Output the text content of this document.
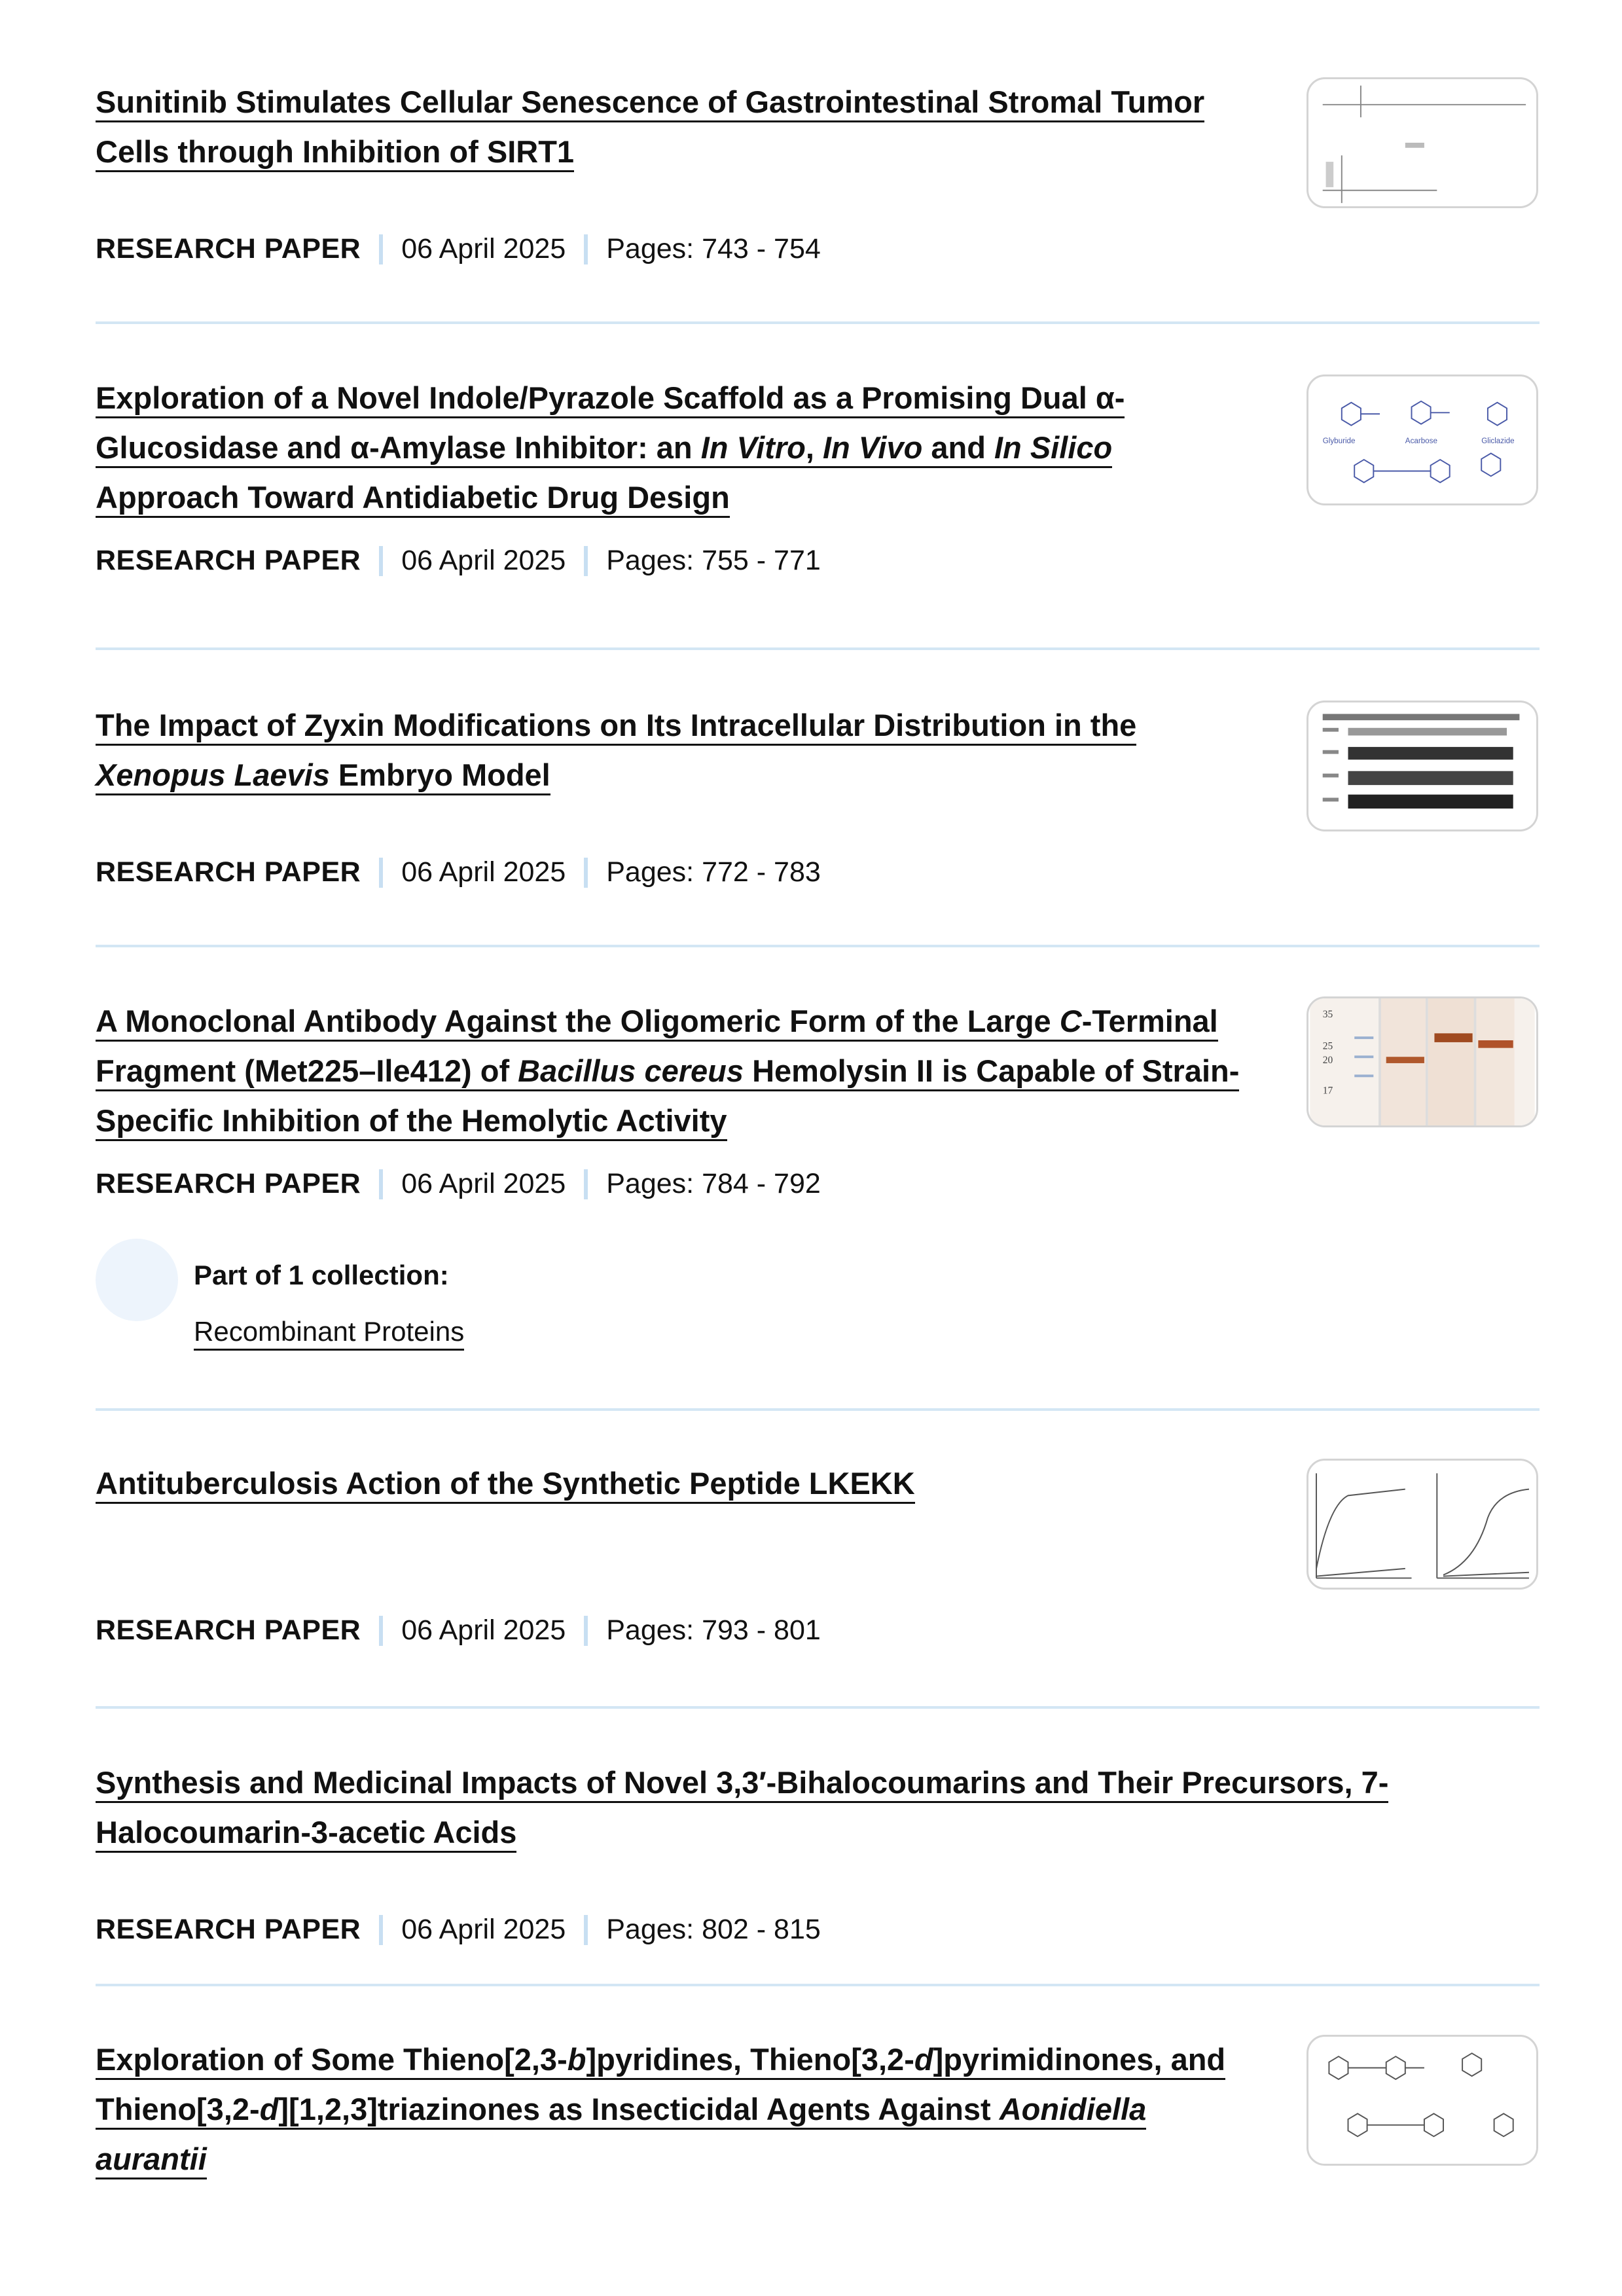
Sunitinib Stimulates Cellular Senescence of Gastrointestinal Stromal Tumor Cells through Inhibition of SIRT1
RESEARCH PAPER 06 April 2025 Pages: 743 - 754
Exploration of a Novel Indole/Pyrazole Scaffold as a Promising Dual α-Glucosidase and α-Amylase Inhibitor: an In Vitro, In Vivo and In Silico Approach Toward Antidiabetic Drug Design
RESEARCH PAPER 06 April 2025 Pages: 755 - 771
Glyburide	Acarbose	Gliclazide
The Impact of Zyxin Modifications on Its Intracellular Distribution in the Xenopus Laevis Embryo Model
RESEARCH PAPER 06 April 2025 Pages: 772 - 783
A Monoclonal Antibody Against the Oligomeric Form of the Large C-Terminal Fragment (Met225–Ile412) of Bacillus cereus Hemolysin II is Capable of Strain-Specific Inhibition of the Hemolytic Activity
RESEARCH PAPER 06 April 2025 Pages: 784 - 792
Part of 1 collection:
Recombinant Proteins
35
25
20
17
Antituberculosis Action of the Synthetic Peptide LKEKK
RESEARCH PAPER 06 April 2025 Pages: 793 - 801
Synthesis and Medicinal Impacts of Novel 3,3′-Bihalocoumarins and Their Precursors, 7-Halocoumarin-3-acetic Acids
RESEARCH PAPER 06 April 2025 Pages: 802 - 815
Exploration of Some Thieno[2,3-b]pyridines, Thieno[3,2-d]pyrimidinones, and Thieno[3,2-d][1,2,3]triazinones as Insecticidal Agents Against Aonidiella aurantii
